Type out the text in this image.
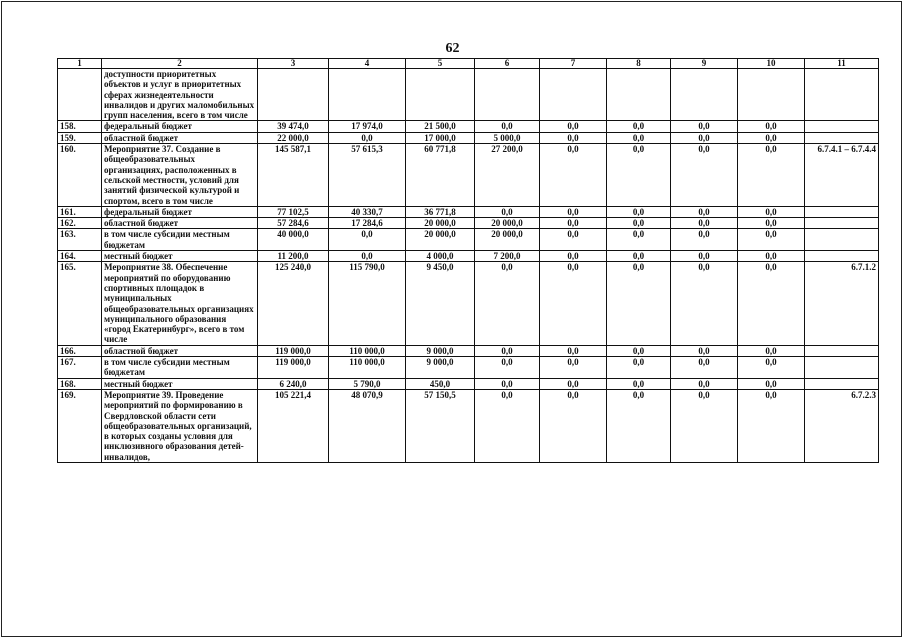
62
1	2	3	4	5	6	7	8	9	10	11
	доступности приоритетных объектов и услуг в приоритетных сферах жизнедеятельности инвалидов и других маломобильных групп населения, всего в том числе									
158.	федеральный бюджет	39 474,0	17 974,0	21 500,0	0,0	0,0	0,0	0,0	0,0	
159.	областной бюджет	22 000,0	0,0	17 000,0	5 000,0	0,0	0,0	0,0	0,0	
160.	Мероприятие 37. Создание в общеобразовательных организациях, расположенных в сельской местности, условий для занятий физической культурой и спортом, всего в том числе	145 587,1	57 615,3	60 771,8	27 200,0	0,0	0,0	0,0	0,0	6.7.4.1 – 6.7.4.4
161.	федеральный бюджет	77 102,5	40 330,7	36 771,8	0,0	0,0	0,0	0,0	0,0	
162.	областной бюджет	57 284,6	17 284,6	20 000,0	20 000,0	0,0	0,0	0,0	0,0	
163.	в том числе субсидии местным бюджетам	40 000,0	0,0	20 000,0	20 000,0	0,0	0,0	0,0	0,0	
164.	местный бюджет	11 200,0	0,0	4 000,0	7 200,0	0,0	0,0	0,0	0,0	
165.	Мероприятие 38. Обеспечение мероприятий по оборудованию спортивных площадок в муниципальных общеобразовательных организациях муниципального образования «город Екатеринбург», всего в том числе	125 240,0	115 790,0	9 450,0	0,0	0,0	0,0	0,0	0,0	6.7.1.2
166.	областной бюджет	119 000,0	110 000,0	9 000,0	0,0	0,0	0,0	0,0	0,0	
167.	в том числе субсидии местным бюджетам	119 000,0	110 000,0	9 000,0	0,0	0,0	0,0	0,0	0,0	
168.	местный бюджет	6 240,0	5 790,0	450,0	0,0	0,0	0,0	0,0	0,0	
169.	Мероприятие 39. Проведение мероприятий по формированию в Свердловской области сети общеобразовательных организаций, в которых созданы условия для инклюзивного образования детей-инвалидов,	105 221,4	48 070,9	57 150,5	0,0	0,0	0,0	0,0	0,0	6.7.2.3
